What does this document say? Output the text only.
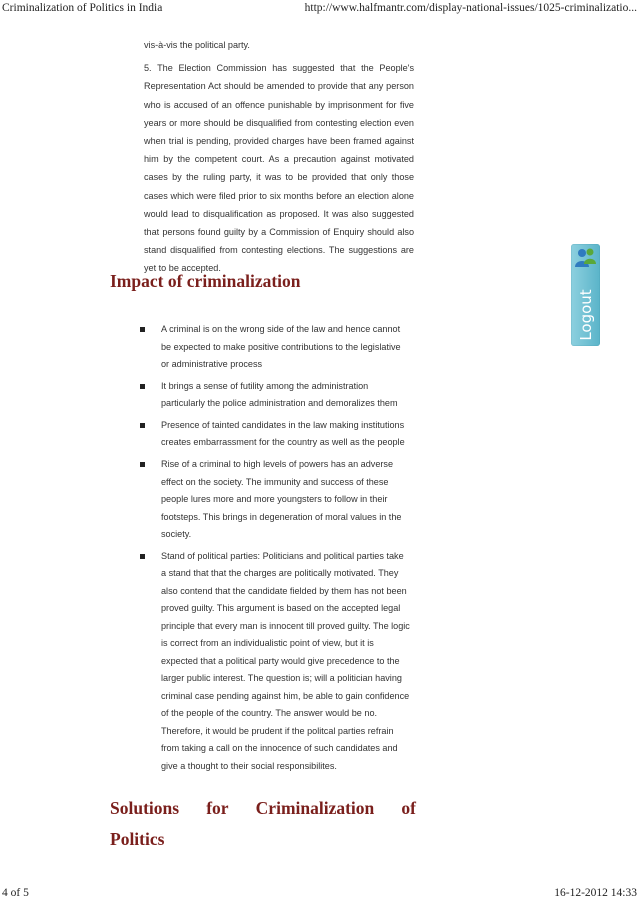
Criminalization of Politics in India	http://www.halfmantr.com/display-national-issues/1025-criminalizatio...

vis-à-vis the political party.

5. The Election Commission has suggested that the People's Representation Act should be amended to provide that any person who is accused of an offence punishable by imprisonment for five years or more should be disqualified from contesting election even when trial is pending, provided charges have been framed against him by the competent court. As a precaution against motivated cases by the ruling party, it was to be provided that only those cases which were filed prior to six months before an election alone would lead to disqualification as proposed. It was also suggested that persons found guilty by a Commission of Enquiry should also stand disqualified from contesting elections. The suggestions are yet to be accepted.

Impact of criminalization
A criminal is on the wrong side of the law and hence cannot be expected to make positive contributions to the legislative or administrative process
It brings a sense of futility among the administration particularly the police administration and demoralizes them
Presence of tainted candidates in the law making institutions creates embarrassment for the country as well as the people
Rise of a criminal to high levels of powers has an adverse effect on the society. The immunity and success of these people lures more and more youngsters to follow in their footsteps. This brings in degeneration of moral values in the society.
Stand of political parties: Politicians and political parties take a stand that that the charges are politically motivated. They also contend that the candidate fielded by them has not been proved guilty. This argument is based on the accepted legal principle that every man is innocent till proved guilty. The logic is correct from an individualistic point of view, but it is expected that a political party would give precedence to the larger public interest. The question is; will a politician having criminal case pending against him, be able to gain confidence of the people of the country. The answer would be no. Therefore, it would be prudent if the politcal parties refrain from taking a call on the innocence of such candidates and give a thought to their social responsibilites.
Solutions for Criminalization of
Politics
Logout
4 of 5	16-12-2012 14:33
